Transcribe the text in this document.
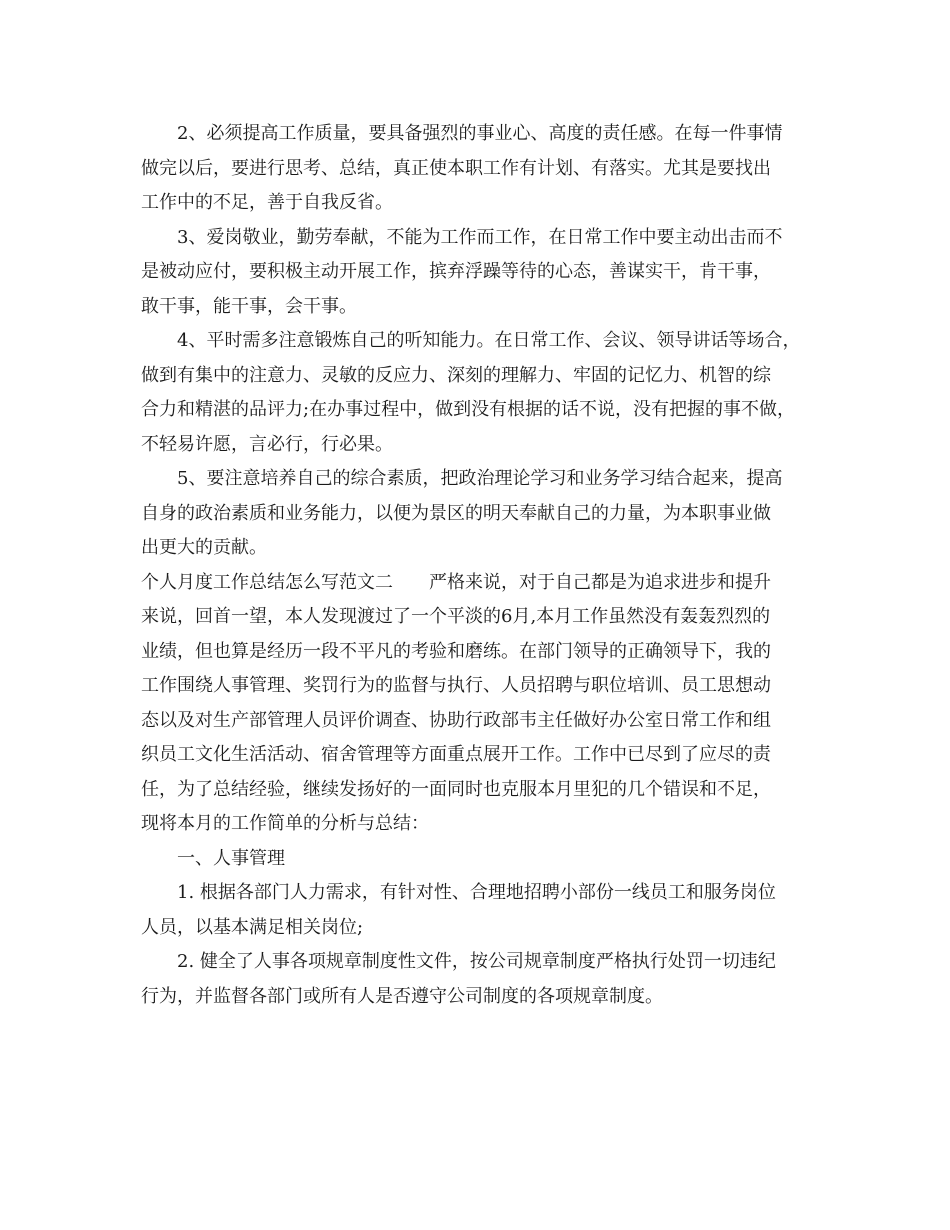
2、必须提高工作质量，要具备强烈的事业心、高度的责任感。在每一件事情
做完以后，要进行思考、总结，真正使本职工作有计划、有落实。尤其是要找出
工作中的不足，善于自我反省。
3、爱岗敬业，勤劳奉献，不能为工作而工作，在日常工作中要主动出击而不
是被动应付，要积极主动开展工作，摈弃浮躁等待的心态，善谋实干，肯干事，
敢干事，能干事，会干事。
4、平时需多注意锻炼自己的听知能力。在日常工作、会议、领导讲话等场合，
做到有集中的注意力、灵敏的反应力、深刻的理解力、牢固的记忆力、机智的综
合力和精湛的品评力;在办事过程中，做到没有根据的话不说，没有把握的事不做，
不轻易许愿，言必行，行必果。
5、要注意培养自己的综合素质，把政治理论学习和业务学习结合起来，提高
自身的政治素质和业务能力，以便为景区的明天奉献自己的力量，为本职事业做
出更大的贡献。
个人月度工作总结怎么写范文二　　严格来说，对于自己都是为追求进步和提升
来说，回首一望，本人发现渡过了一个平淡的6月,本月工作虽然没有轰轰烈烈的
业绩，但也算是经历一段不平凡的考验和磨练。在部门领导的正确领导下，我的
工作围绕人事管理、奖罚行为的监督与执行、人员招聘与职位培训、员工思想动
态以及对生产部管理人员评价调查、协助行政部韦主任做好办公室日常工作和组
织员工文化生活活动、宿舍管理等方面重点展开工作。工作中已尽到了应尽的责
任，为了总结经验，继续发扬好的一面同时也克服本月里犯的几个错误和不足，
现将本月的工作简单的分析与总结：
一、人事管理
1. 根据各部门人力需求，有针对性、合理地招聘小部份一线员工和服务岗位
人员，以基本满足相关岗位;
2. 健全了人事各项规章制度性文件，按公司规章制度严格执行处罚一切违纪
行为，并监督各部门或所有人是否遵守公司制度的各项规章制度。
